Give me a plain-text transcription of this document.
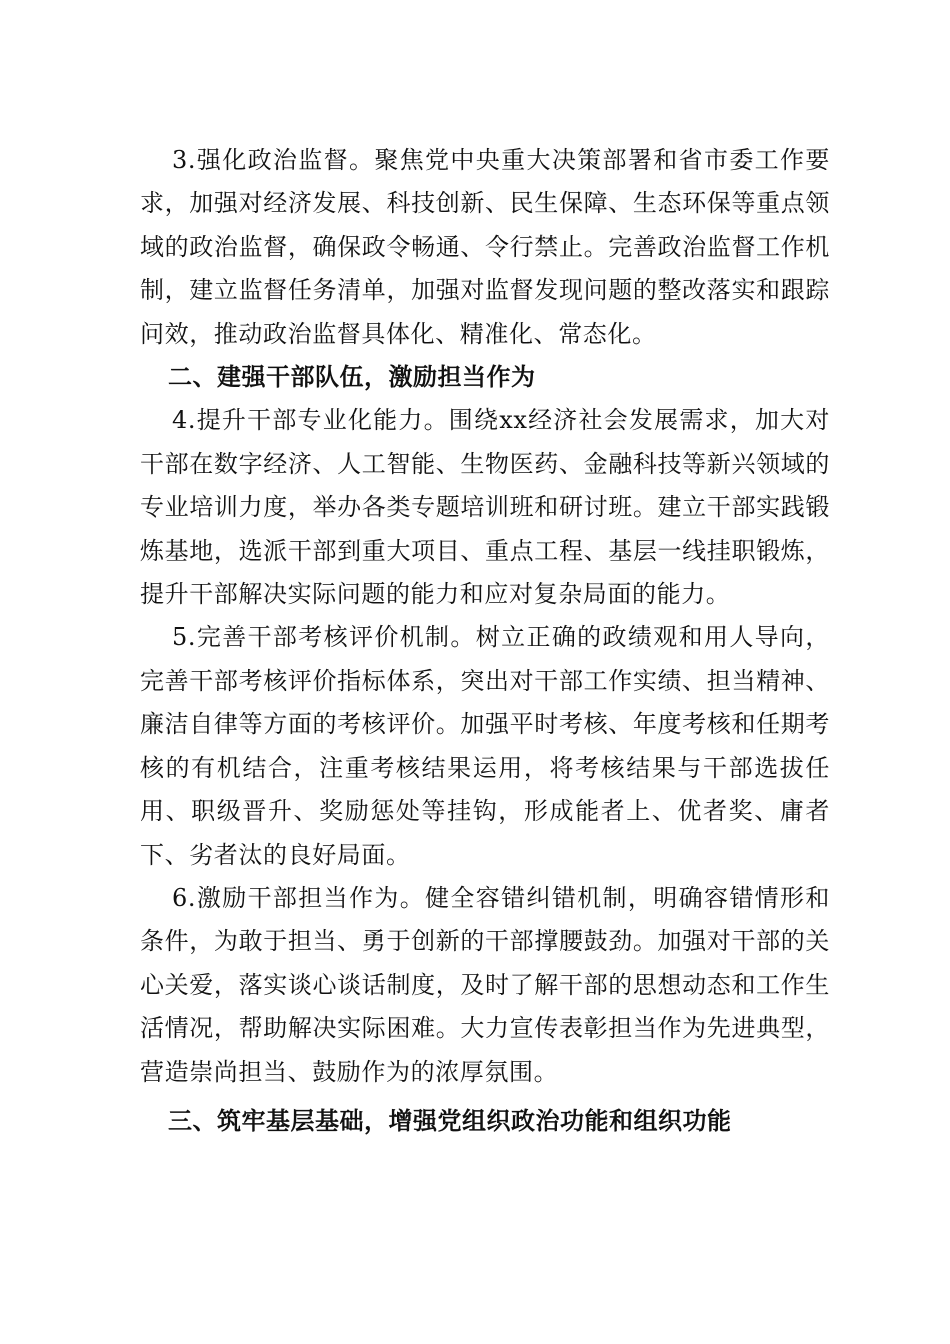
3.强化政治监督。聚焦党中央重大决策部署和省市委工作要求，加强对经济发展、科技创新、民生保障、生态环保等重点领域的政治监督，确保政令畅通、令行禁止。完善政治监督工作机制，建立监督任务清单，加强对监督发现问题的整改落实和跟踪问效，推动政治监督具体化、精准化、常态化。

二、建强干部队伍，激励担当作为

4.提升干部专业化能力。围绕xx经济社会发展需求，加大对干部在数字经济、人工智能、生物医药、金融科技等新兴领域的专业培训力度，举办各类专题培训班和研讨班。建立干部实践锻炼基地，选派干部到重大项目、重点工程、基层一线挂职锻炼，提升干部解决实际问题的能力和应对复杂局面的能力。

5.完善干部考核评价机制。树立正确的政绩观和用人导向，完善干部考核评价指标体系，突出对干部工作实绩、担当精神、廉洁自律等方面的考核评价。加强平时考核、年度考核和任期考核的有机结合，注重考核结果运用，将考核结果与干部选拔任用、职级晋升、奖励惩处等挂钩，形成能者上、优者奖、庸者下、劣者汰的良好局面。

6.激励干部担当作为。健全容错纠错机制，明确容错情形和条件，为敢于担当、勇于创新的干部撑腰鼓劲。加强对干部的关心关爱，落实谈心谈话制度，及时了解干部的思想动态和工作生活情况，帮助解决实际困难。大力宣传表彰担当作为先进典型，营造崇尚担当、鼓励作为的浓厚氛围。

三、筑牢基层基础，增强党组织政治功能和组织功能
